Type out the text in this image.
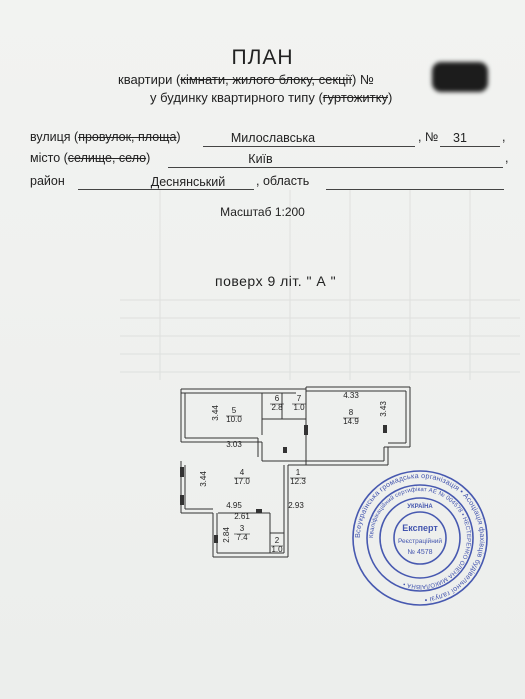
ПЛАН
квартири (кімнати, жилого блоку, секції) №
у будинку квартирного типу (гуртожитку)
вулиця (провулок, площа)	Милославська	, №	31	,
місто (селище, село)	Київ	,
район	Деснянський	, область
Масштаб 1:200
поверх 9 літ. " А "
5
10.0
6
2.8
7
1.0
8
14.9
4
17.0
1
12.3
3
7.4	2
1.0
3.44
3.03
4.33
3.43
3.44
4.95	2.93
2.61
2.84	Всеукраїнська громадська організація • Асоціація фахівців будівельної галузі •
Кваліфікаційний сертифікат АЕ № 004578 • НЕСТЕРЕНКО ОЛЕНА МИКОЛАЇВНА •
УКРАЇНА
Експерт
Реєстраційний
№ 4578
